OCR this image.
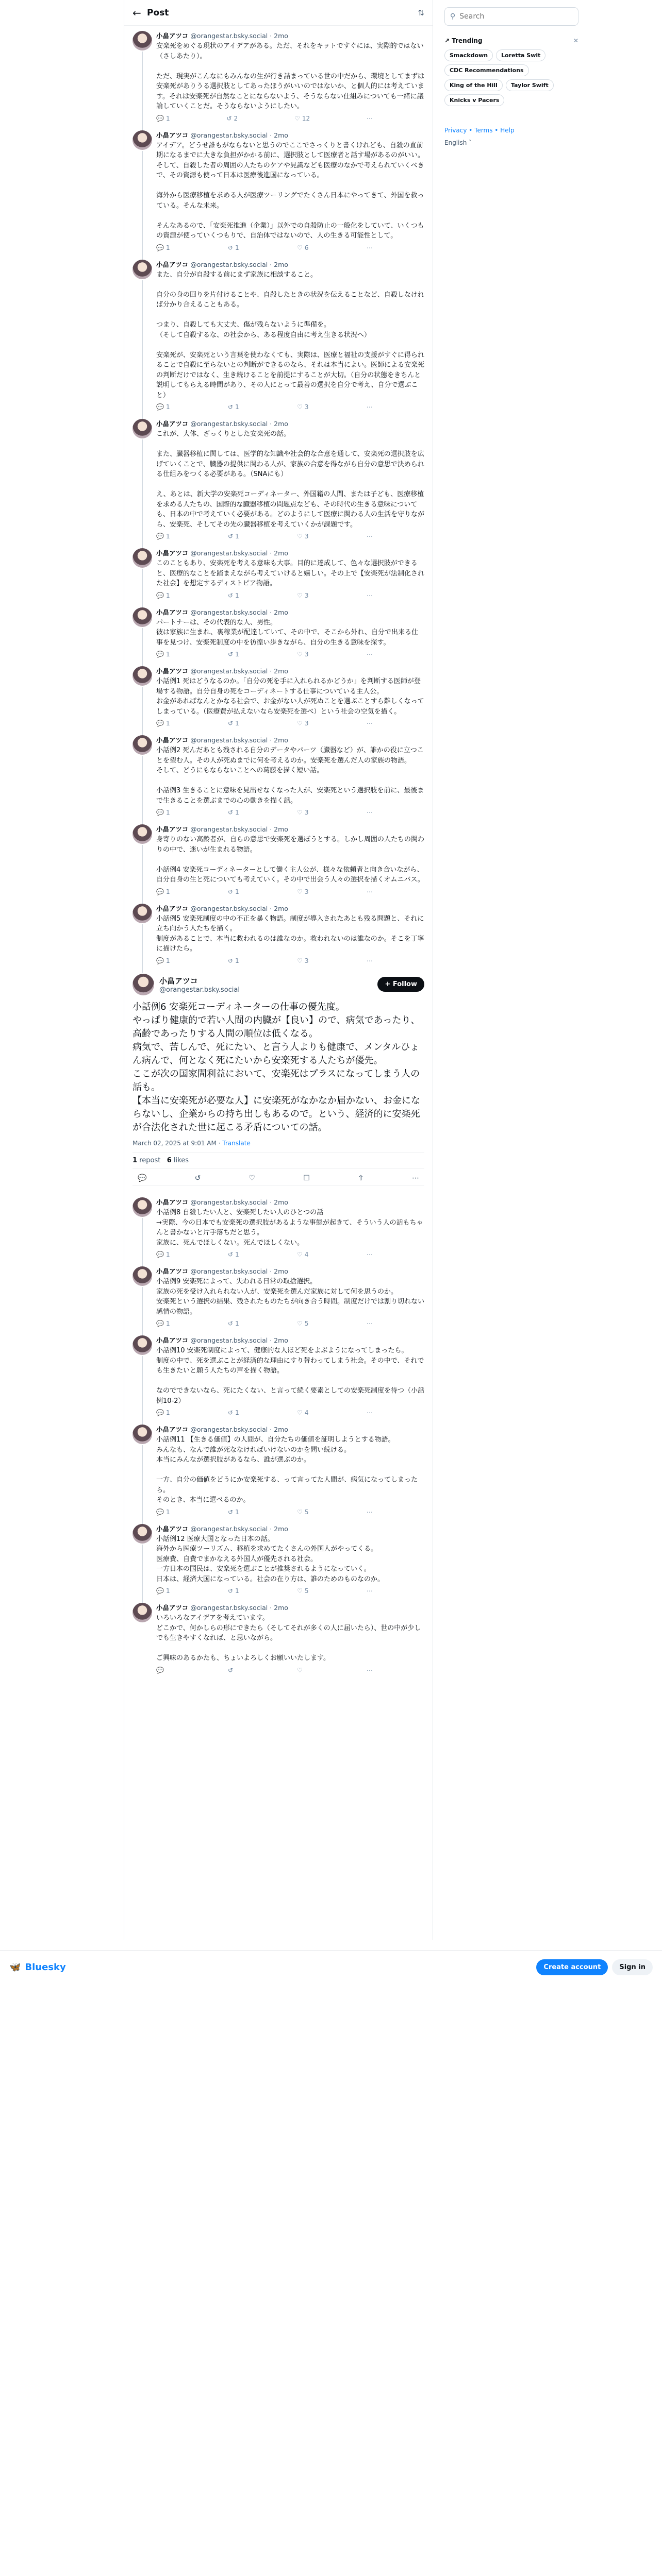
← Post	⇅
小畠アツコ @orangestar.bsky.social · 2mo
安楽死をめぐる現状のアイデアがある。ただ、それをキットですぐには、実際的ではない（さしあたり）。

ただ、現実がこんなにもみんなの生が行き詰まっている世の中だから、環境としてまずは安楽死がありうる選択肢としてあったほうがいいのではないか、と個人的には考えています。それは安楽死が自然なことにならないよう、そうならない仕組みについても一緒に議論していくことだ。そうならないようにしたい。
💬 1	↺ 2	♡ 12	⋯
小畠アツコ @orangestar.bsky.social · 2mo
アイデア。どうせ誰もがならないと思うのでここでさっくりと書くけれども、自殺の直前期になるまでに大きな負担がかかる前に、選択肢として医療者と話す場があるのがいい。そして、自殺した者の周囲の人たちのケアや見識なども医療のなかで考えられていくべきで、その資源も使って日本は医療後進国になっている。

海外から医療移植を求める人が医療ツーリングでたくさん日本にやってきて、外国を救っている。そんな未来。

そんなあるので、「安楽死推進（企業）」以外での自殺防止の一般化をしていて、いくつもの資源が使っていくつもりで、自治体ではないので、人の生きる可能性として。
💬 1	↺ 1	♡ 6	⋯
小畠アツコ @orangestar.bsky.social · 2mo
また、自分が自殺する前にまず家族に相談すること。

自分の身の回りを片付けることや、自殺したときの状況を伝えることなど、自殺しなければ分かり合えることもある。

つまり、自殺しても大丈夫、傷が残らないように準備を。
（そして自殺するな、の社会から、ある程度自由に考え生きる状況へ）

安楽死が、安楽死という言葉を使わなくても、実際は、医療と福祉の支援がすぐに得られることで自殺に至らないとの判断ができるのなら、それは本当によい。医師による安楽死の判断だけではなく、生き続けることを前提にすることが大切。（自分の状態をきちんと説明してもらえる時間があり、その人にとって最善の選択を自分で考え、自分で選ぶこと）
💬 1	↺ 1	♡ 3	⋯
小畠アツコ @orangestar.bsky.social · 2mo
これが、大体、ざっくりとした安楽死の話。

また、臓器移植に関しては、医学的な知識や社会的な合意を通して、安楽死の選択肢を広げていくことで、臓器の提供に関わる人が、家族の合意を得ながら自分の意思で決められる仕組みをつくる必要がある。（SNAにも）

え、あとは、新大学の安楽死コーディネーター、外国籍の人間、または子ども、医療移植を求める人たちの、国際的な臓器移植の問題点なども、その時代の生きる意味についても、日本の中で考えていく必要がある。どのようにして医療に関わる人の生活を守りながら、安楽死、そしてその先の臓器移植を考えていくかが課題です。
💬 1	↺ 1	♡ 3	⋯
小畠アツコ @orangestar.bsky.social · 2mo
このこともあり、安楽死を考える意味も大事。目的に達成して、色々な選択肢ができると、医療的なことを踏まえながら考えていけると嬉しい。その上で【安楽死が法制化された社会】を想定するディストピア物語。
💬 1	↺ 1	♡ 3	⋯
小畠アツコ @orangestar.bsky.social · 2mo
パートナーは、その代表的な人、男性。
彼は家族に生まれ、裏稼業が配達していて、その中で、そこから外れ、自分で出来る仕事を見つけ、安楽死制度の中を彷徨い歩きながら、自分の生きる意味を探す。
💬 1	↺ 1	♡ 3	⋯
小畠アツコ @orangestar.bsky.social · 2mo
小話例1 死はどうなるのか。「自分の死を手に入れられるかどうか」を判断する医師が登場する物語。自分自身の死をコーディネートする仕事についている主人公。
お金があればなんとかなる社会で、お金がない人が死ぬことを選ぶことすら難しくなってしまっている。（医療費が払えないなら安楽死を選べ）という社会の空気を描く。
💬 1	↺ 1	♡ 3	⋯
小畠アツコ @orangestar.bsky.social · 2mo
小話例2 死んだあとも残される自分のデータやパーツ（臓器など）が、誰かの役に立つことを望む人。その人が死ぬまでに何を考えるのか。安楽死を選んだ人の家族の物語。
そして、どうにもならないことへの葛藤を描く短い話。

小話例3 生きることに意味を見出せなくなった人が、安楽死という選択肢を前に、最後まで生きることを選ぶまでの心の動きを描く話。
💬 1	↺ 1	♡ 3	⋯
小畠アツコ @orangestar.bsky.social · 2mo
身寄りのない高齢者が、自らの意思で安楽死を選ぼうとする。しかし周囲の人たちの関わりの中で、迷いが生まれる物語。

小話例4 安楽死コーディネーターとして働く主人公が、様々な依頼者と向き合いながら、自分自身の生と死についても考えていく。その中で出会う人々の選択を描くオムニバス。
💬 1	↺ 1	♡ 3	⋯
小畠アツコ @orangestar.bsky.social · 2mo
小話例5 安楽死制度の中の不正を暴く物語。制度が導入されたあとも残る問題と、それに立ち向かう人たちを描く。
制度があることで、本当に救われるのは誰なのか。救われないのは誰なのか。そこを丁寧に描けたら。
💬 1	↺ 1	♡ 3	⋯
小畠アツコ
@orangestar.bsky.social
+ Follow
小話例6 安楽死コーディネーターの仕事の優先度。
やっぱり健康的で若い人間の内臓が【良い】ので、病気であったり、高齢であったりする人間の順位は低くなる。
病気で、苦しんで、死にたい、と言う人よりも健康で、メンタルひょん病んで、何となく死にたいから安楽死する人たちが優先。
ここが次の国家間利益において、安楽死はプラスになってしまう人の話も。
【本当に安楽死が必要な人】に安楽死がなかなか届かない、お金にならないし、企業からの持ち出しもあるので。という、経済的に安楽死が合法化された世に起こる矛盾についての話。
March 02, 2025 at 9:01 AM · Translate
1 repost 6 likes
💬	↺	♡	☐	⇧	⋯
小畠アツコ @orangestar.bsky.social · 2mo
小話例8 自殺したい人と、安楽死したい人のひとつの話
→実際、今の日本でも安楽死の選択肢があるような事態が起きて、そういう人の話もちゃんと書かないと片手落ちだと思う。
家族に、死んでほしくない。死んでほしくない。
💬 1	↺ 1	♡ 4	⋯
小畠アツコ @orangestar.bsky.social · 2mo
小話例9 安楽死によって、失われる日常の取捨選択。
家族の死を受け入れられない人が、安楽死を選んだ家族に対して何を思うのか。
安楽死という選択の結果、残されたものたちが向き合う時間。制度だけでは割り切れない感情の物語。
💬 1	↺ 1	♡ 5	⋯
小畠アツコ @orangestar.bsky.social · 2mo
小話例10 安楽死制度によって、健康的な人ほど死をよぶようになってしまったら。
制度の中で、死を選ぶことが経済的な理由にすり替わってしまう社会。その中で、それでも生きたいと願う人たちの声を描く物語。

なのでできないなら、死にたくない、と言って続く要素としての安楽死制度を待つ（小話例10-2）
💬 1	↺ 1	♡ 4	⋯
小畠アツコ @orangestar.bsky.social · 2mo
小話例11 【生きる価値】の人間が、自分たちの価値を証明しようとする物語。
みんなも、なんで誰が死ななければいけないのかを問い続ける。
本当にみんなが選択肢があるなら、誰が選ぶのか。

一方、自分の価値をどうにか安楽死する、って言ってた人間が、病気になってしまったら。
そのとき、本当に選べるのか。
💬 1	↺ 1	♡ 5	⋯
小畠アツコ @orangestar.bsky.social · 2mo
小話例12 医療大国となった日本の話。
海外から医療ツーリズム、移植を求めてたくさんの外国人がやってくる。
医療費、自費でまかなえる外国人が優先される社会。
一方日本の国民は、安楽死を選ぶことが推奨されるようになっていく。
日本は、経済大国になっている。社会の在り方は、誰のためのものなのか。
💬 1	↺ 1	♡ 5	⋯
小畠アツコ @orangestar.bsky.social · 2mo
いろいろなアイデアを考えています。
どこかで、何かしらの形にできたら（そしてそれが多くの人に届いたら）、世の中が少しでも生きやすくなれば、と思いながら。

ご興味のあるかたも、ちょいよろしくお願いいたします。
💬	↺	♡	⋯
⚲
Search
↗ Trending	✕
Smackdown	Loretta Swit
CDC Recommendations
King of the Hill	Taylor Swift
Knicks v Pacers
Privacy • Terms • Help
English ˅
🦋 Bluesky	Create account	Sign in
